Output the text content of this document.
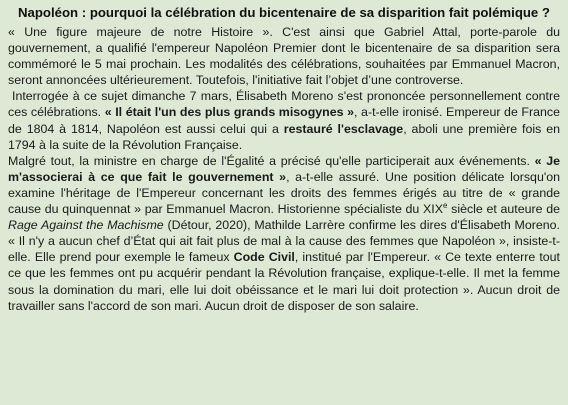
Napoléon : pourquoi la célébration du bicentenaire de sa disparition fait polémique ?

« Une figure majeure de notre Histoire ». C'est ainsi que Gabriel Attal, porte-parole du gouvernement, a qualifié l'empereur Napoléon Premier dont le bicentenaire de sa disparition sera commémoré le 5 mai prochain. Les modalités des célébrations, souhaitées par Emmanuel Macron, seront annoncées ultérieurement. Toutefois, l'initiative fait l’objet d’une controverse.

Interrogée à ce sujet dimanche 7 mars, Élisabeth Moreno s'est prononcée personnellement contre ces célébrations. « Il était l'un des plus grands misogynes », a-t-elle ironisé. Empereur de France de 1804 à 1814, Napoléon est aussi celui qui a restauré l'esclavage, aboli une première fois en 1794 à la suite de la Révolution Française.

Malgré tout, la ministre en charge de l'Égalité a précisé qu'elle participerait aux événements. « Je m'associerai à ce que fait le gouvernement », a-t-elle assuré. Une position délicate lorsqu'on examine l'héritage de l'Empereur concernant les droits des femmes érigés au titre de « grande cause du quinquennat » par Emmanuel Macron. Historienne spécialiste du XIXe siècle et auteure de Rage Against the Machisme (Détour, 2020), Mathilde Larrère confirme les dires d'Élisabeth Moreno. « Il n'y a aucun chef d’État qui ait fait plus de mal à la cause des femmes que Napoléon », insiste-t-elle. Elle prend pour exemple le fameux Code Civil, institué par l'Empereur. « Ce texte enterre tout ce que les femmes ont pu acquérir pendant la Révolution française, explique-t-elle. Il met la femme sous la domination du mari, elle lui doit obéissance et le mari lui doit protection ». Aucun droit de travailler sans l'accord de son mari. Aucun droit de disposer de son salaire.
